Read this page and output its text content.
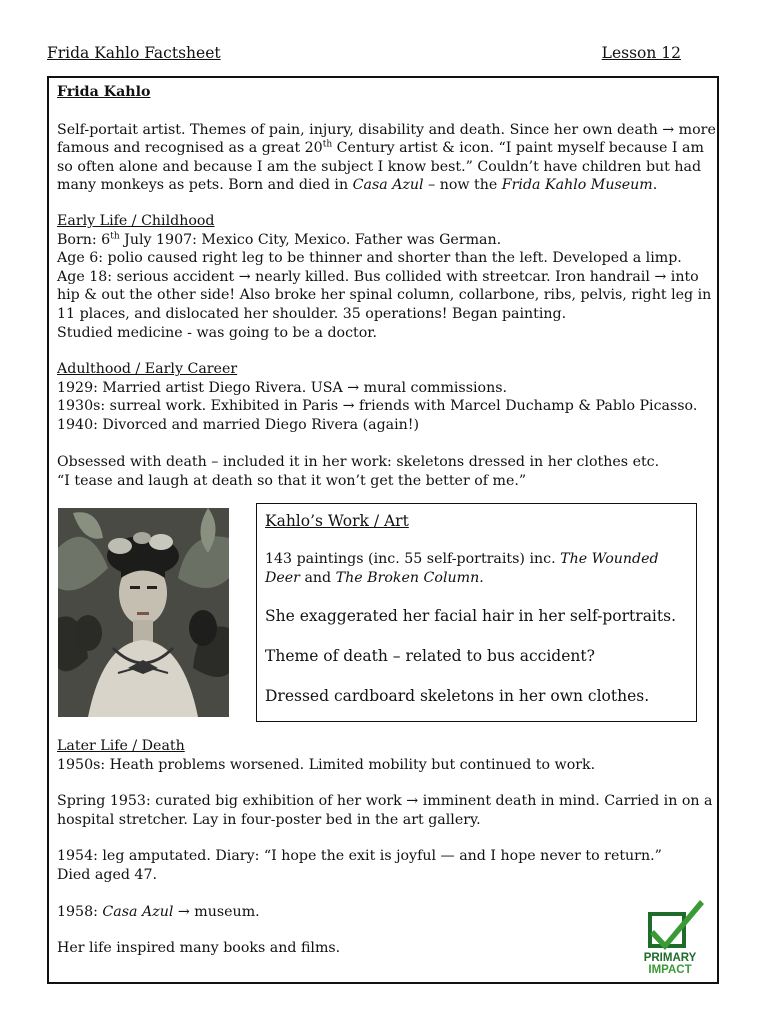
Frida Kahlo Factsheet	Lesson 12

Frida Kahlo

Self-portait artist. Themes of pain, injury, disability and death. Since her own death → more famous and recognised as a great 20th Century artist & icon. “I paint myself because I am so often alone and because I am the subject I know best.” Couldn’t have children but had many monkeys as pets. Born and died in Casa Azul – now the Frida Kahlo Museum.

Early Life / Childhood

Born: 6th July 1907: Mexico City, Mexico. Father was German.

Age 6: polio caused right leg to be thinner and shorter than the left. Developed a limp.

Age 18: serious accident → nearly killed. Bus collided with streetcar. Iron handrail → into hip & out the other side! Also broke her spinal column, collarbone, ribs, pelvis, right leg in 11 places, and dislocated her shoulder. 35 operations! Began painting.

Studied medicine - was going to be a doctor.

Adulthood / Early Career

1929: Married artist Diego Rivera. USA → mural commissions.

1930s: surreal work. Exhibited in Paris → friends with Marcel Duchamp & Pablo Picasso.

1940: Divorced and married Diego Rivera (again!)

Obsessed with death – included it in her work: skeletons dressed in her clothes etc.

“I tease and laugh at death so that it won’t get the better of me.”

Kahlo’s Work / Art
143 paintings (inc. 55 self-portraits) inc. The Wounded Deer and The Broken Column.
She exaggerated her facial hair in her self-portraits.
Theme of death – related to bus accident?
Dressed cardboard skeletons in her own clothes.

Later Life / Death

1950s: Heath problems worsened. Limited mobility but continued to work.

Spring 1953: curated big exhibition of her work → imminent death in mind. Carried in on a hospital stretcher. Lay in four-poster bed in the art gallery.

1954: leg amputated. Diary: “I hope the exit is joyful — and I hope never to return.”

Died aged 47.

1958: Casa Azul → museum.

Her life inspired many books and films.

PRIMARY
IMPACT
